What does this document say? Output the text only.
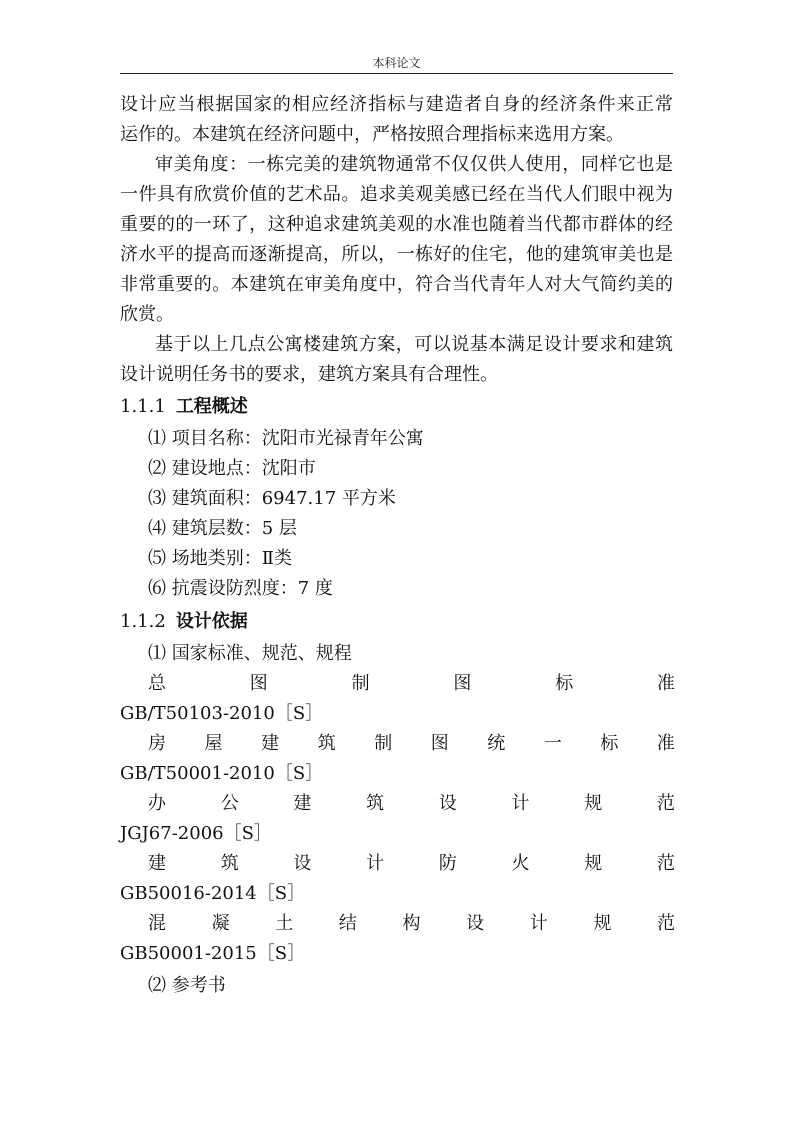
本科论文
设计应当根据国家的相应经济指标与建造者自身的经济条件来正常
运作的。本建筑在经济问题中，严格按照合理指标来选用方案。
审美角度：一栋完美的建筑物通常不仅仅供人使用，同样它也是
一件具有欣赏价值的艺术品。追求美观美感已经在当代人们眼中视为
重要的的一环了，这种追求建筑美观的水准也随着当代都市群体的经
济水平的提高而逐渐提高，所以，一栋好的住宅，他的建筑审美也是
非常重要的。本建筑在审美角度中，符合当代青年人对大气简约美的
欣赏。
基于以上几点公寓楼建筑方案，可以说基本满足设计要求和建筑
设计说明任务书的要求，建筑方案具有合理性。
1.1.1 工程概述
⑴ 项目名称：沈阳市光禄青年公寓
⑵ 建设地点：沈阳市
⑶ 建筑面积：6947.17 平方米
⑷ 建筑层数：5 层
⑸ 场地类别：Ⅱ类
⑹ 抗震设防烈度：7 度
1.1.2 设计依据
⑴ 国家标准、规范、规程
总	图	制	图	标	准
GB/T50103-2010［S］
房 屋 建 筑 制 图 统 一 标 准
GB/T50001-2010［S］
办	公	建	筑	设	计	规	范
JGJ67-2006［S］
建	筑	设	计	防	火	规	范
GB50016-2014［S］
混	凝	土	结	构	设	计	规	范
GB50001-2015［S］
⑵ 参考书
